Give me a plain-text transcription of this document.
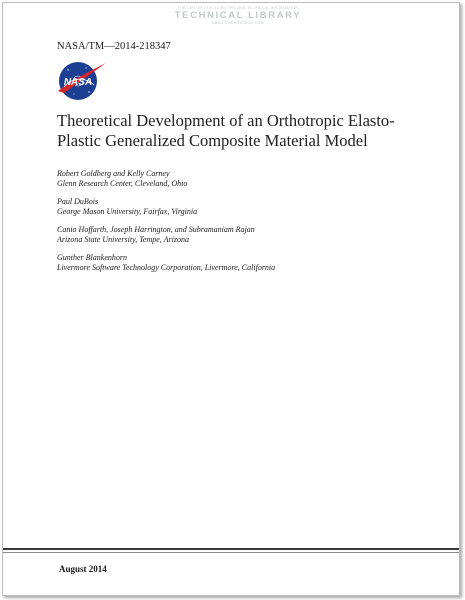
THE CENTER FOR SCIENTIFIC AND TECHNICAL INFORMATION
TECHNICAL LIBRARY
ABBOTTAEROSPACE.COM
NASA/TM—2014-218347
NASA
Theoretical Development of an Orthotropic Elasto-
Plastic Generalized Composite Material Model
Robert Goldberg and Kelly Carney
Glenn Research Center, Cleveland, Ohio
Paul DuBois
George Mason University, Fairfax, Virginia
Canio Hoffarth, Joseph Harrington, and Subramaniam Rajan
Arizona State University, Tempe, Arizona
Gunther Blankenhorn
Livermore Software Technology Corporation, Livermore, California
August 2014
